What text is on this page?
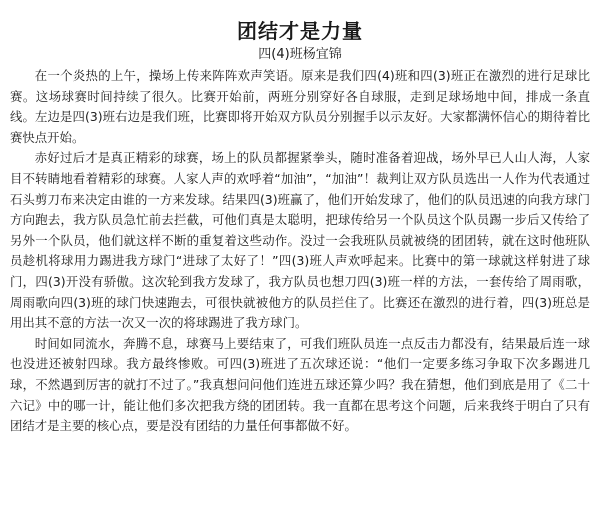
团结才是力量
四(4)班杨宜锦

在一个炎热的上午，操场上传来阵阵欢声笑语。原来是我们四(4)班和四(3)班正在激烈的进行足球比赛。这场球赛时间持续了很久。比赛开始前，两班分别穿好各自球服，走到足球场地中间，排成一条直线。左边是四(3)班右边是我们班，比赛即将开始双方队员分别握手以示友好。大家都满怀信心的期待着比赛快点开始。

赤好过后才是真正精彩的球赛，场上的队员都握紧拳头，随时准备着迎战，场外早已人山人海，人家目不转睛地看着精彩的球赛。人家人声的欢呼着“加油”，“加油”！裁判让双方队员选出一人作为代表通过石头剪刀布来决定由谁的一方来发球。结果四(3)班赢了，他们开始发球了，他们的队员迅速的向我方球门方向跑去，我方队员急忙前去拦截，可他们真是太聪明，把球传给另一个队员这个队员踢一步后又传给了另外一个队员，他们就这样不断的重复着这些动作。没过一会我班队员就被绕的团团转，就在这时他班队员趁机将球用力踢进我方球门“进球了太好了！”四(3)班人声欢呼起来。比赛中的第一球就这样射进了球门，四(3)开没有骄傲。这次轮到我方发球了，我方队员也想刀四(3)班一样的方法，一套传给了周雨歌，周雨歌向四(3)班的球门快速跑去，可很快就被他方的队员拦住了。比赛还在激烈的进行着，四(3)班总是用出其不意的方法一次又一次的将球踢进了我方球门。

时间如同流水，奔腾不息，球赛马上要结束了，可我们班队员连一点反击力都没有，结果最后连一球也没进还被射四球。我方最终惨败。可四(3)班进了五次球还说：“他们一定要多练习争取下次多踢进几球，不然遇到厉害的就打不过了。”我真想问问他们连进五球还算少吗？我在猜想，他们到底是用了《二十六记》中的哪一计，能让他们多次把我方绕的团团转。我一直都在思考这个问题，后来我终于明白了只有团结才是主要的核心点，要是没有团结的力量任何事都做不好。
